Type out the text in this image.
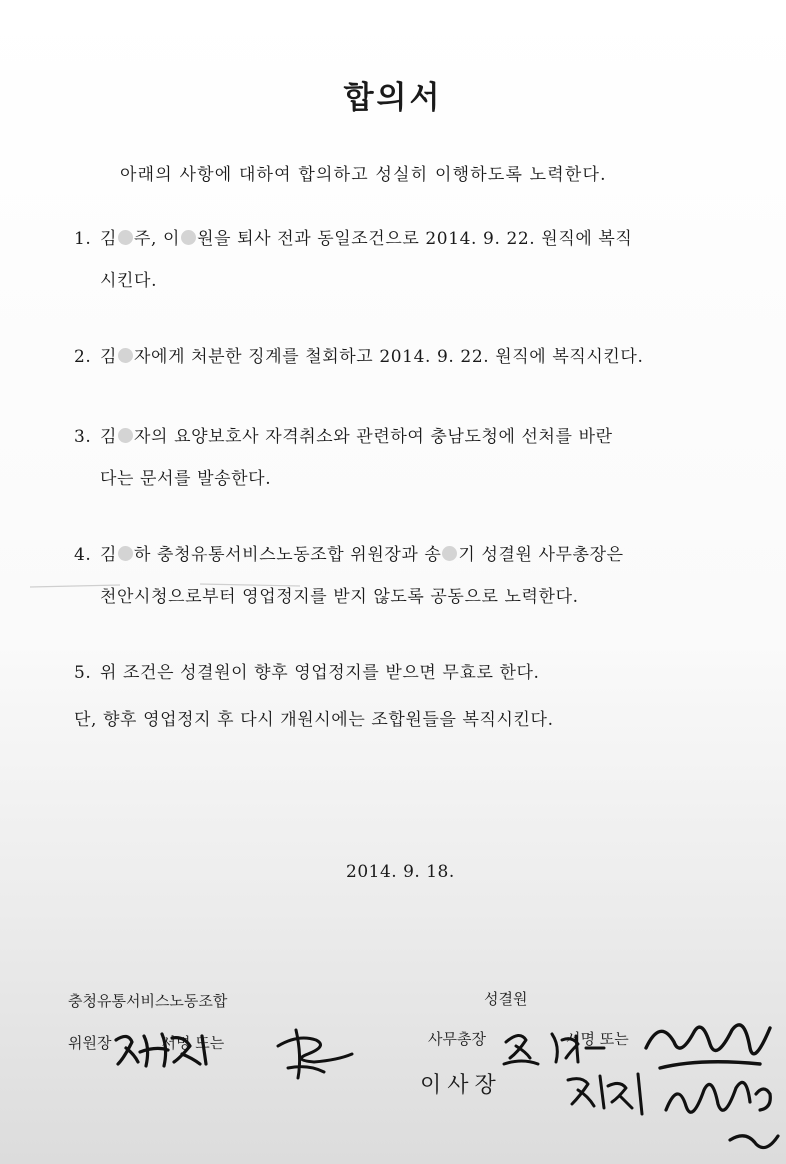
합의서
아래의 사항에 대하여 합의하고 성실히 이행하도록 노력한다.
1. 김 주, 이 원을 퇴사 전과 동일조건으로 2014. 9. 22. 원직에 복직
시킨다.
2. 김 자에게 처분한 징계를 철회하고 2014. 9. 22. 원직에 복직시킨다.
3. 김 자의 요양보호사 자격취소와 관련하여 충남도청에 선처를 바란
다는 문서를 발송한다.
4. 김 하 충청유통서비스노동조합 위원장과 송 기 성결원 사무총장은
천안시청으로부터 영업정지를 받지 않도록 공동으로 노력한다.
5. 위 조건은 성결원이 향후 영업정지를 받으면 무효로 한다.
단, 향후 영업정지 후 다시 개원시에는 조합원들을 복직시킨다.
2014. 9. 18.
충청유통서비스노동조합
위원장	서명 또는
성결원
사무총장	서명 또는
이사장
